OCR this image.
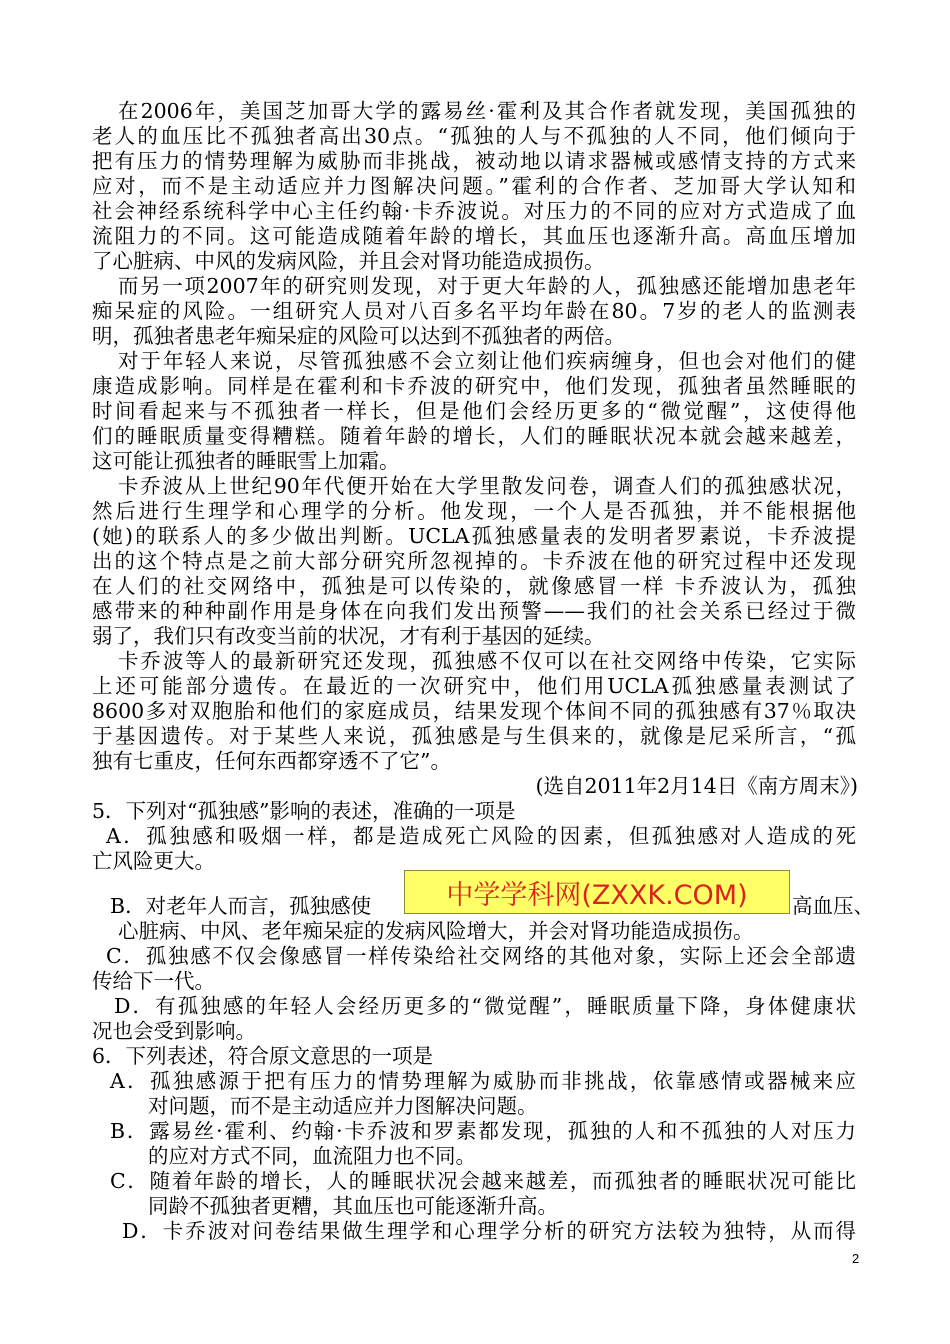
在2006年，美国芝加哥大学的露易丝·霍利及其合作者就发现，美国孤独的
老人的血压比不孤独者高出30点。“孤独的人与不孤独的人不同，他们倾向于
把有压力的情势理解为威胁而非挑战，被动地以请求器械或感情支持的方式来
应对，而不是主动适应并力图解决问题。”霍利的合作者、芝加哥大学认知和
社会神经系统科学中心主任约翰·卡乔波说。对压力的不同的应对方式造成了血
流阻力的不同。这可能造成随着年龄的增长，其血压也逐渐升高。高血压增加
了心脏病、中风的发病风险，并且会对肾功能造成损伤。
而另一项2007年的研究则发现，对于更大年龄的人，孤独感还能增加患老年
痴呆症的风险。一组研究人员对八百多名平均年龄在80。7岁的老人的监测表
明，孤独者患老年痴呆症的风险可以达到不孤独者的两倍。
对于年轻人来说，尽管孤独感不会立刻让他们疾病缠身，但也会对他们的健
康造成影响。同样是在霍利和卡乔波的研究中，他们发现，孤独者虽然睡眠的
时间看起来与不孤独者一样长，但是他们会经历更多的“微觉醒”，这使得他
们的睡眠质量变得糟糕。随着年龄的增长，人们的睡眠状况本就会越来越差，
这可能让孤独者的睡眠雪上加霜。
卡乔波从上世纪90年代便开始在大学里散发问卷，调查人们的孤独感状况，
然后进行生理学和心理学的分析。他发现，一个人是否孤独，并不能根据他
(她)的联系人的多少做出判断。UCLA孤独感量表的发明者罗素说，卡乔波提
出的这个特点是之前大部分研究所忽视掉的。卡乔波在他的研究过程中还发现
在人们的社交网络中，孤独是可以传染的，就像感冒一样 卡乔波认为，孤独
感带来的种种副作用是身体在向我们发出预警——我们的社会关系已经过于微
弱了，我们只有改变当前的状况，才有利于基因的延续。
卡乔波等人的最新研究还发现，孤独感不仅可以在社交网络中传染，它实际
上还可能部分遗传。在最近的一次研究中，他们用UCLA孤独感量表测试了
8600多对双胞胎和他们的家庭成员，结果发现个体间不同的孤独感有37％取决
于基因遗传。对于某些人来说，孤独感是与生俱来的，就像是尼采所言，“孤
独有七重皮，任何东西都穿透不了它”。
(选自2011年2月14日《南方周末》)
5．下列对“孤独感”影响的表述，准确的一项是
A．孤独感和吸烟一样，都是造成死亡风险的因素，但孤独感对人造成的死
亡风险更大。
B．对老年人而言，孤独感使	高血压、
心脏病、中风、老年痴呆症的发病风险增大，并会对肾功能造成损伤。
C．孤独感不仅会像感冒一样传染给社交网络的其他对象，实际上还会全部遗
传给下一代。
D．有孤独感的年轻人会经历更多的“微觉醒”，睡眠质量下降，身体健康状
况也会受到影响。
6．下列表述，符合原文意思的一项是
A．孤独感源于把有压力的情势理解为威胁而非挑战，依靠感情或器械来应
对问题，而不是主动适应并力图解决问题。
B．露易丝·霍利、约翰·卡乔波和罗素都发现，孤独的人和不孤独的人对压力
的应对方式不同，血流阻力也不同。
C．随着年龄的增长，人的睡眠状况会越来越差，而孤独者的睡眠状况可能比
同龄不孤独者更糟，其血压也可能逐渐升高。
D．卡乔波对问卷结果做生理学和心理学分析的研究方法较为独特，从而得
中学学科网(ZXXK.COM)
2
